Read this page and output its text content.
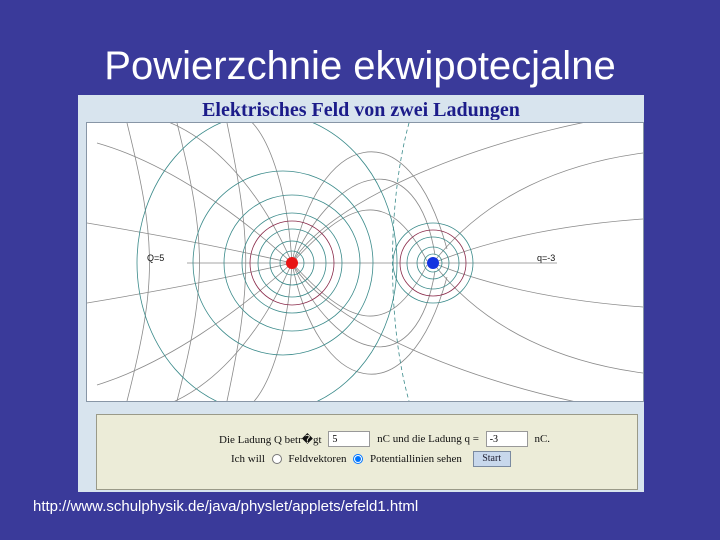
Powierzchnie ekwipotecjalne
Elektrisches Feld von zwei Ladungen
Q=5	q=-3
Die Ladung Q betr�gt 5	nC und die Ladung q = -3	nC.
Ich will Feldvektoren Potentiallinien sehen Start
http://www.schulphysik.de/java/physlet/applets/efeld1.html
